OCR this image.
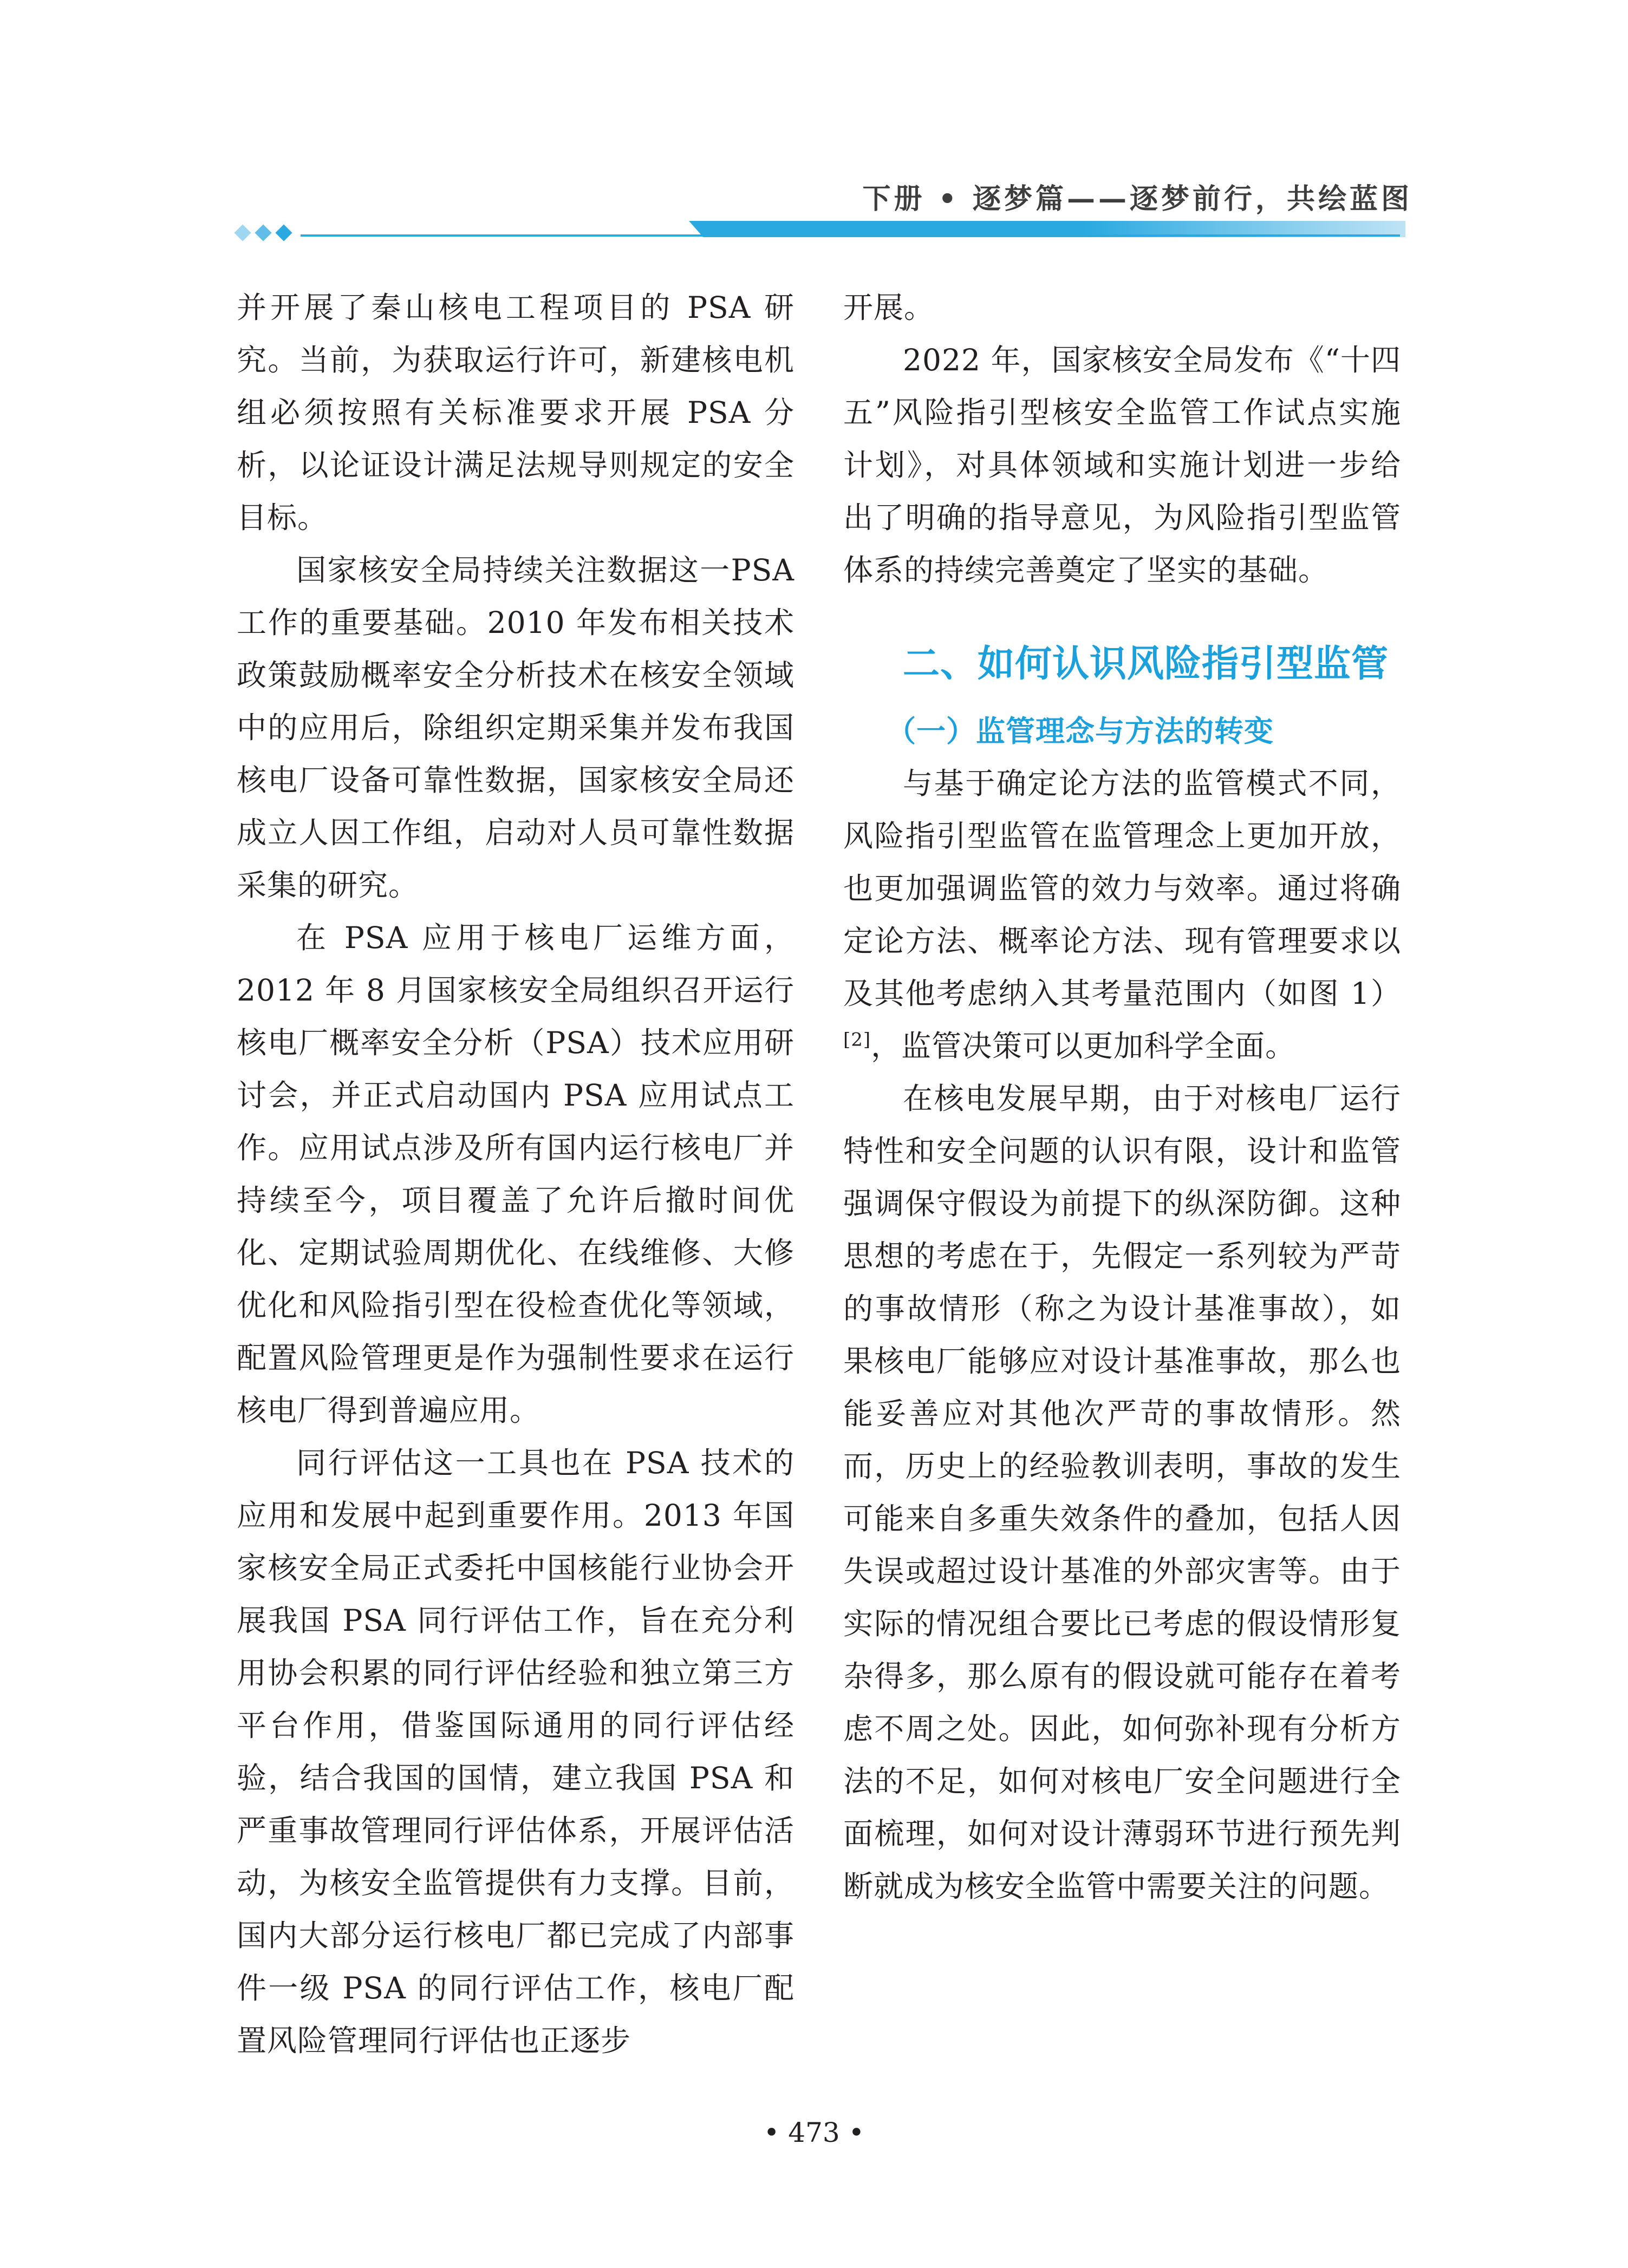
下册 • 逐梦篇——逐梦前行，共绘蓝图

并开展了秦山核电工程项目的 PSA 研究。当前，为获取运行许可，新建核电机组必须按照有关标准要求开展 PSA 分析，以论证设计满足法规导则规定的安全目标。

国家核安全局持续关注数据这一PSA 工作的重要基础。2010 年发布相关技术政策鼓励概率安全分析技术在核安全领域中的应用后，除组织定期采集并发布我国核电厂设备可靠性数据，国家核安全局还成立人因工作组，启动对人员可靠性数据采集的研究。

在 PSA 应用于核电厂运维方面，2012 年 8 月国家核安全局组织召开运行核电厂概率安全分析（PSA）技术应用研讨会，并正式启动国内 PSA 应用试点工作。应用试点涉及所有国内运行核电厂并持续至今，项目覆盖了允许后撤时间优化、定期试验周期优化、在线维修、大修优化和风险指引型在役检查优化等领域，配置风险管理更是作为强制性要求在运行核电厂得到普遍应用。

同行评估这一工具也在 PSA 技术的应用和发展中起到重要作用。2013 年国家核安全局正式委托中国核能行业协会开展我国 PSA 同行评估工作，旨在充分利用协会积累的同行评估经验和独立第三方平台作用，借鉴国际通用的同行评估经验，结合我国的国情，建立我国 PSA 和严重事故管理同行评估体系，开展评估活动，为核安全监管提供有力支撑。目前，国内大部分运行核电厂都已完成了内部事件一级 PSA 的同行评估工作，核电厂配置风险管理同行评估也正逐步

开展。

2022 年，国家核安全局发布《“十四五”风险指引型核安全监管工作试点实施计划》，对具体领域和实施计划进一步给出了明确的指导意见，为风险指引型监管体系的持续完善奠定了坚实的基础。

二、如何认识风险指引型监管
（一）监管理念与方法的转变

与基于确定论方法的监管模式不同，风险指引型监管在监管理念上更加开放，也更加强调监管的效力与效率。通过将确定论方法、概率论方法、现有管理要求以及其他考虑纳入其考量范围内（如图 1）[2]，监管决策可以更加科学全面。

在核电发展早期，由于对核电厂运行特性和安全问题的认识有限，设计和监管强调保守假设为前提下的纵深防御。这种思想的考虑在于，先假定一系列较为严苛的事故情形（称之为设计基准事故），如果核电厂能够应对设计基准事故，那么也能妥善应对其他次严苛的事故情形。然而，历史上的经验教训表明，事故的发生可能来自多重失效条件的叠加，包括人因失误或超过设计基准的外部灾害等。由于实际的情况组合要比已考虑的假设情形复杂得多，那么原有的假设就可能存在着考虑不周之处。因此，如何弥补现有分析方法的不足，如何对核电厂安全问题进行全面梳理，如何对设计薄弱环节进行预先判断就成为核安全监管中需要关注的问题。

• 473 •
